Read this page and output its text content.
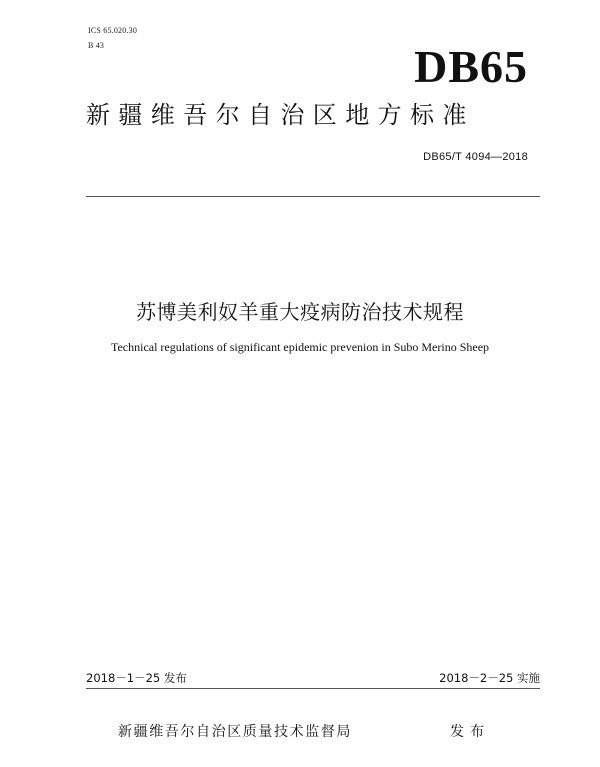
ICS 65.020.30
B 43	DB65
新疆维吾尔自治区地方标准
DB65/T 4094—2018
苏博美利奴羊重大疫病防治技术规程
Technical regulations of significant epidemic prevenion in Subo Merino Sheep
2018－1－25 发布	2018－2－25 实施
新疆维吾尔自治区质量技术监督局	发布
